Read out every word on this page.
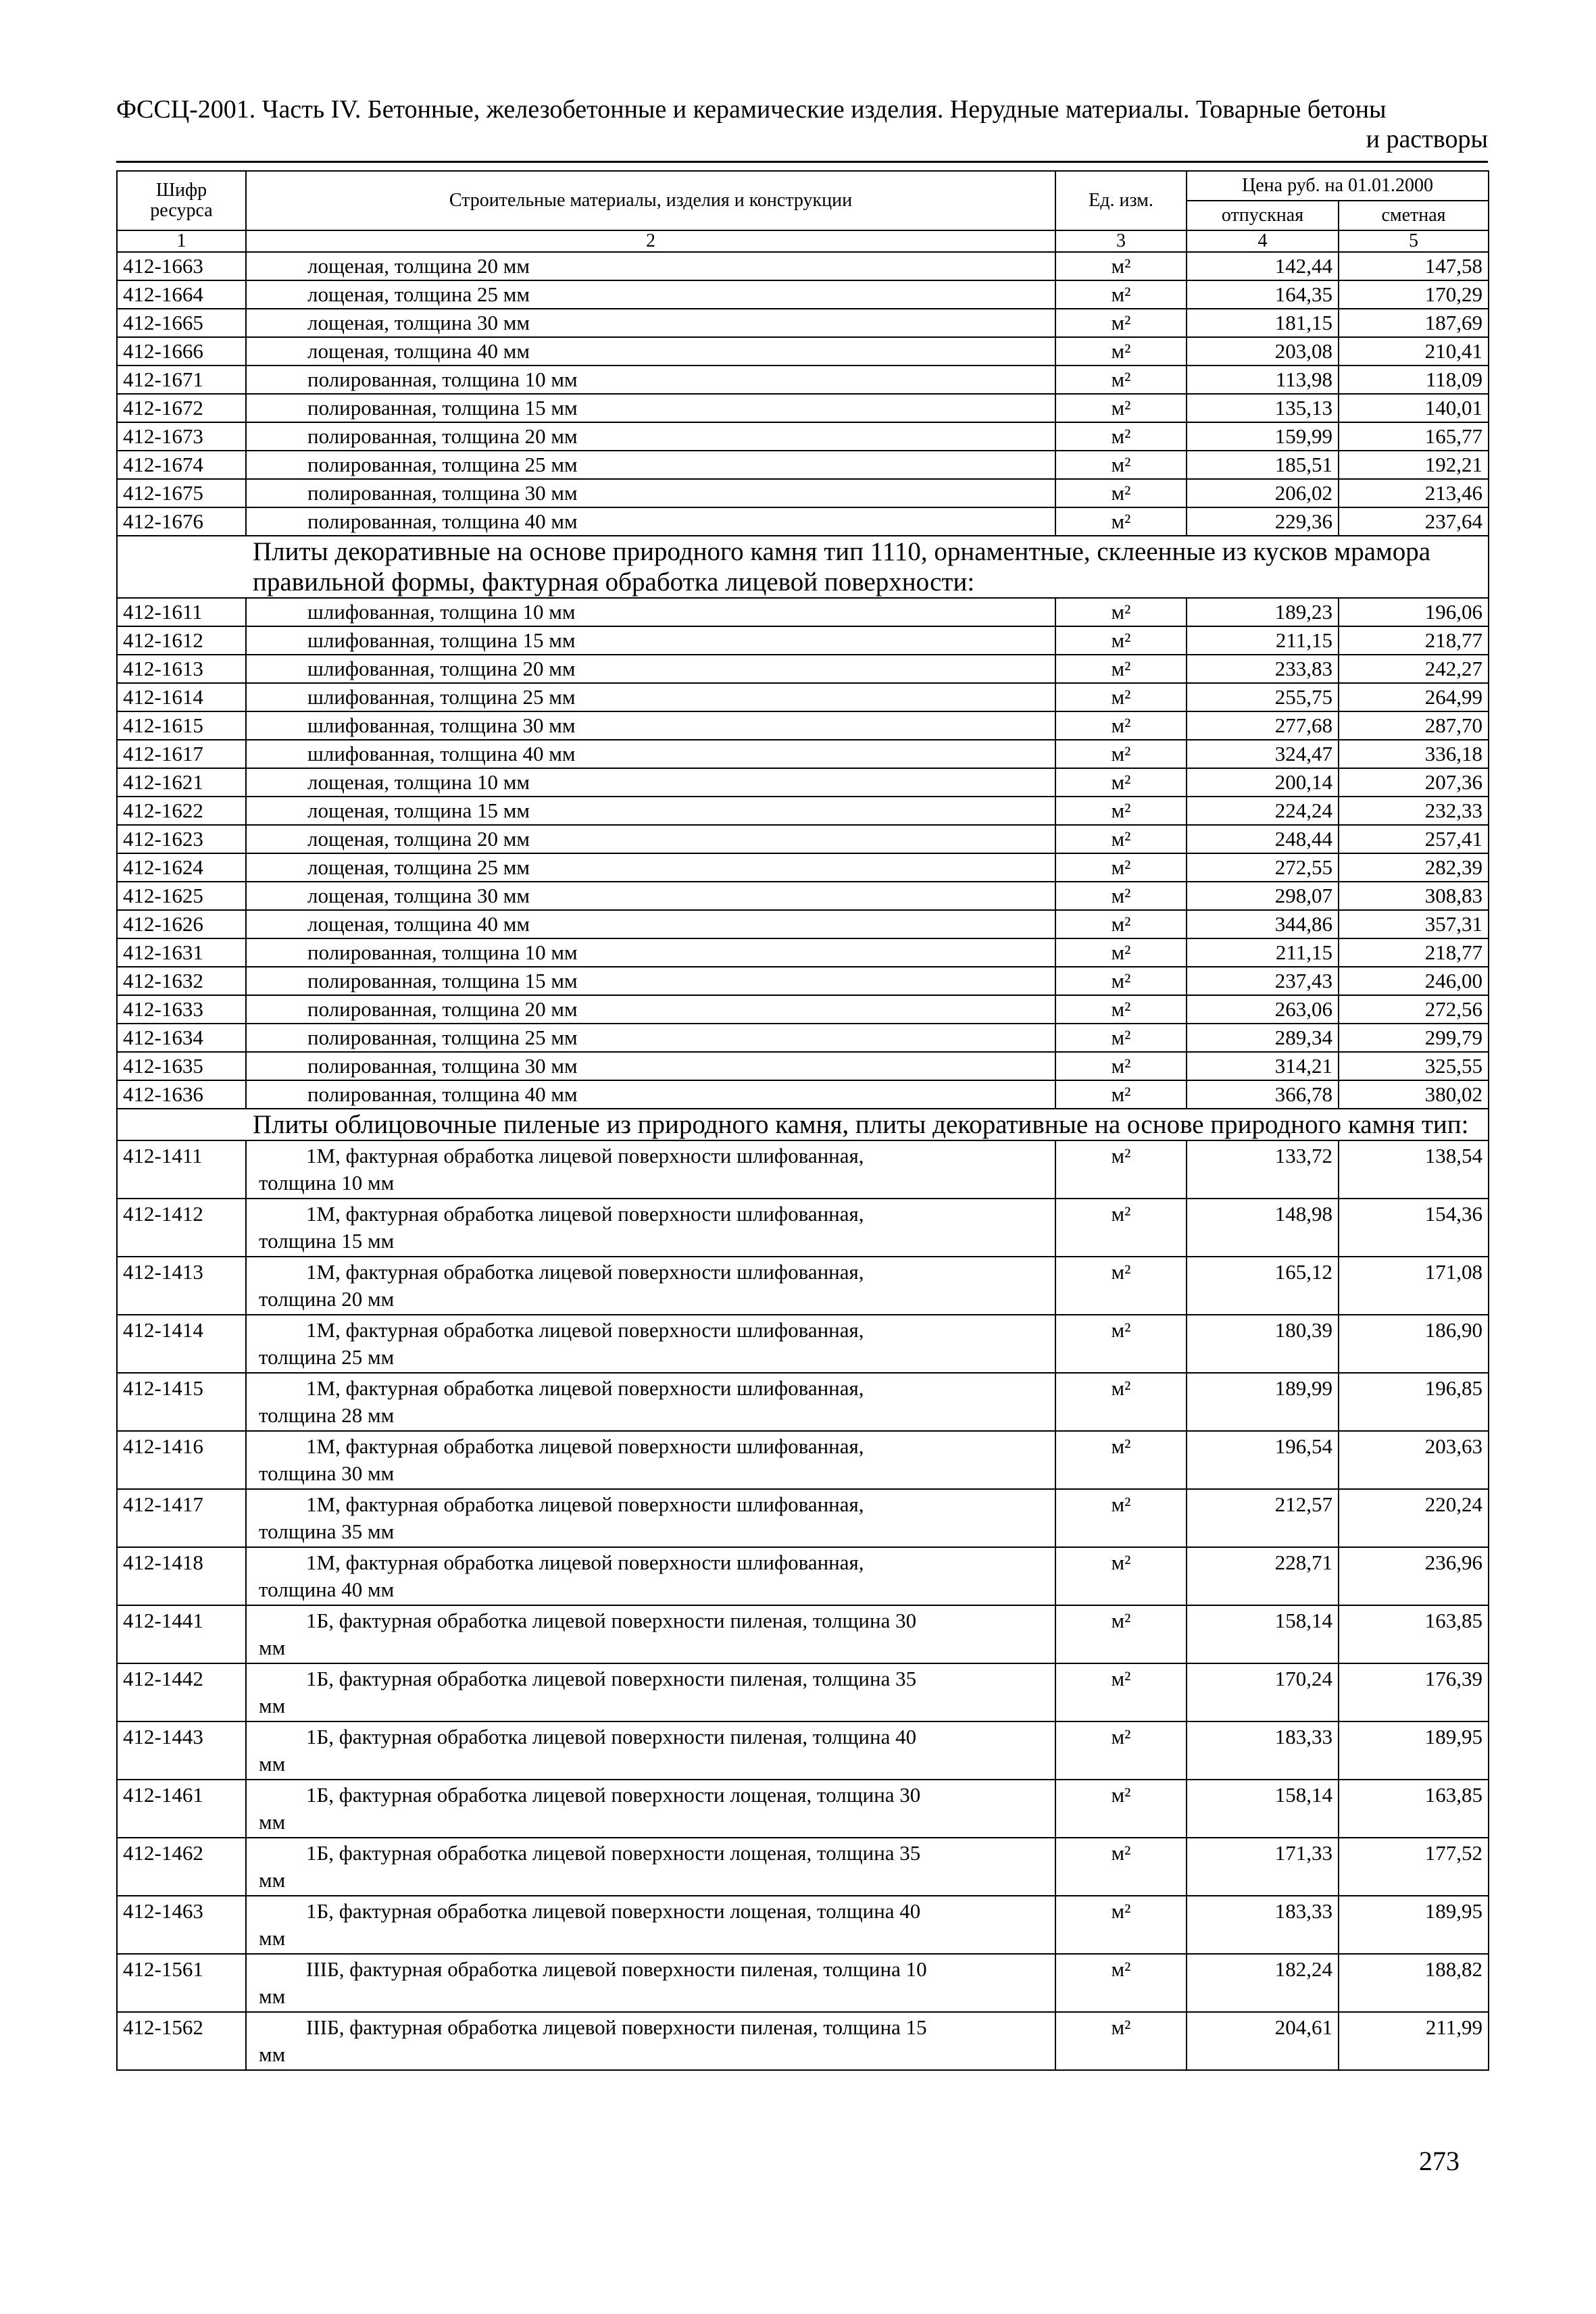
ФССЦ-2001. Часть IV. Бетонные, железобетонные и керамические изделия. Нерудные материалы. Товарные бетоны
и растворы
Шифр ресурса	Строительные материалы, изделия и конструкции	Ед. изм.	Цена руб. на 01.01.2000	
			отпускная	сметная
1	2	3	4	5
412-1663	лощеная, толщина 20 мм	м²	142,44	147,58
412-1664	лощеная, толщина 25 мм	м²	164,35	170,29
412-1665	лощеная, толщина 30 мм	м²	181,15	187,69
412-1666	лощеная, толщина 40 мм	м²	203,08	210,41
412-1671	полированная, толщина 10 мм	м²	113,98	118,09
412-1672	полированная, толщина 15 мм	м²	135,13	140,01
412-1673	полированная, толщина 20 мм	м²	159,99	165,77
412-1674	полированная, толщина 25 мм	м²	185,51	192,21
412-1675	полированная, толщина 30 мм	м²	206,02	213,46
412-1676	полированная, толщина 40 мм	м²	229,36	237,64
Плиты декоративные на основе природного камня тип 1110, орнаментные, склеенные из кусков мрамора правильной формы, фактурная обработка лицевой поверхности:				
412-1611	шлифованная, толщина 10 мм	м²	189,23	196,06
412-1612	шлифованная, толщина 15 мм	м²	211,15	218,77
412-1613	шлифованная, толщина 20 мм	м²	233,83	242,27
412-1614	шлифованная, толщина 25 мм	м²	255,75	264,99
412-1615	шлифованная, толщина 30 мм	м²	277,68	287,70
412-1617	шлифованная, толщина 40 мм	м²	324,47	336,18
412-1621	лощеная, толщина 10 мм	м²	200,14	207,36
412-1622	лощеная, толщина 15 мм	м²	224,24	232,33
412-1623	лощеная, толщина 20 мм	м²	248,44	257,41
412-1624	лощеная, толщина 25 мм	м²	272,55	282,39
412-1625	лощеная, толщина 30 мм	м²	298,07	308,83
412-1626	лощеная, толщина 40 мм	м²	344,86	357,31
412-1631	полированная, толщина 10 мм	м²	211,15	218,77
412-1632	полированная, толщина 15 мм	м²	237,43	246,00
412-1633	полированная, толщина 20 мм	м²	263,06	272,56
412-1634	полированная, толщина 25 мм	м²	289,34	299,79
412-1635	полированная, толщина 30 мм	м²	314,21	325,55
412-1636	полированная, толщина 40 мм	м²	366,78	380,02
Плиты облицовочные пиленые из природного камня, плиты декоративные на основе природного камня тип:				
412-1411	1М, фактурная обработка лицевой поверхности шлифованная,
толщина 10 мм	м²	133,72	138,54
412-1412	1М, фактурная обработка лицевой поверхности шлифованная,
толщина 15 мм	м²	148,98	154,36
412-1413	1М, фактурная обработка лицевой поверхности шлифованная,
толщина 20 мм	м²	165,12	171,08
412-1414	1М, фактурная обработка лицевой поверхности шлифованная,
толщина 25 мм	м²	180,39	186,90
412-1415	1М, фактурная обработка лицевой поверхности шлифованная,
толщина 28 мм	м²	189,99	196,85
412-1416	1М, фактурная обработка лицевой поверхности шлифованная,
толщина 30 мм	м²	196,54	203,63
412-1417	1М, фактурная обработка лицевой поверхности шлифованная,
толщина 35 мм	м²	212,57	220,24
412-1418	1М, фактурная обработка лицевой поверхности шлифованная,
толщина 40 мм	м²	228,71	236,96
412-1441	1Б, фактурная обработка лицевой поверхности пиленая, толщина 30
мм	м²	158,14	163,85
412-1442	1Б, фактурная обработка лицевой поверхности пиленая, толщина 35
мм	м²	170,24	176,39
412-1443	1Б, фактурная обработка лицевой поверхности пиленая, толщина 40
мм	м²	183,33	189,95
412-1461	1Б, фактурная обработка лицевой поверхности лощеная, толщина 30
мм	м²	158,14	163,85
412-1462	1Б, фактурная обработка лицевой поверхности лощеная, толщина 35
мм	м²	171,33	177,52
412-1463	1Б, фактурная обработка лицевой поверхности лощеная, толщина 40
мм	м²	183,33	189,95
412-1561	IIIБ, фактурная обработка лицевой поверхности пиленая, толщина 10
мм	м²	182,24	188,82
412-1562	IIIБ, фактурная обработка лицевой поверхности пиленая, толщина 15
мм	м²	204,61	211,99
273
